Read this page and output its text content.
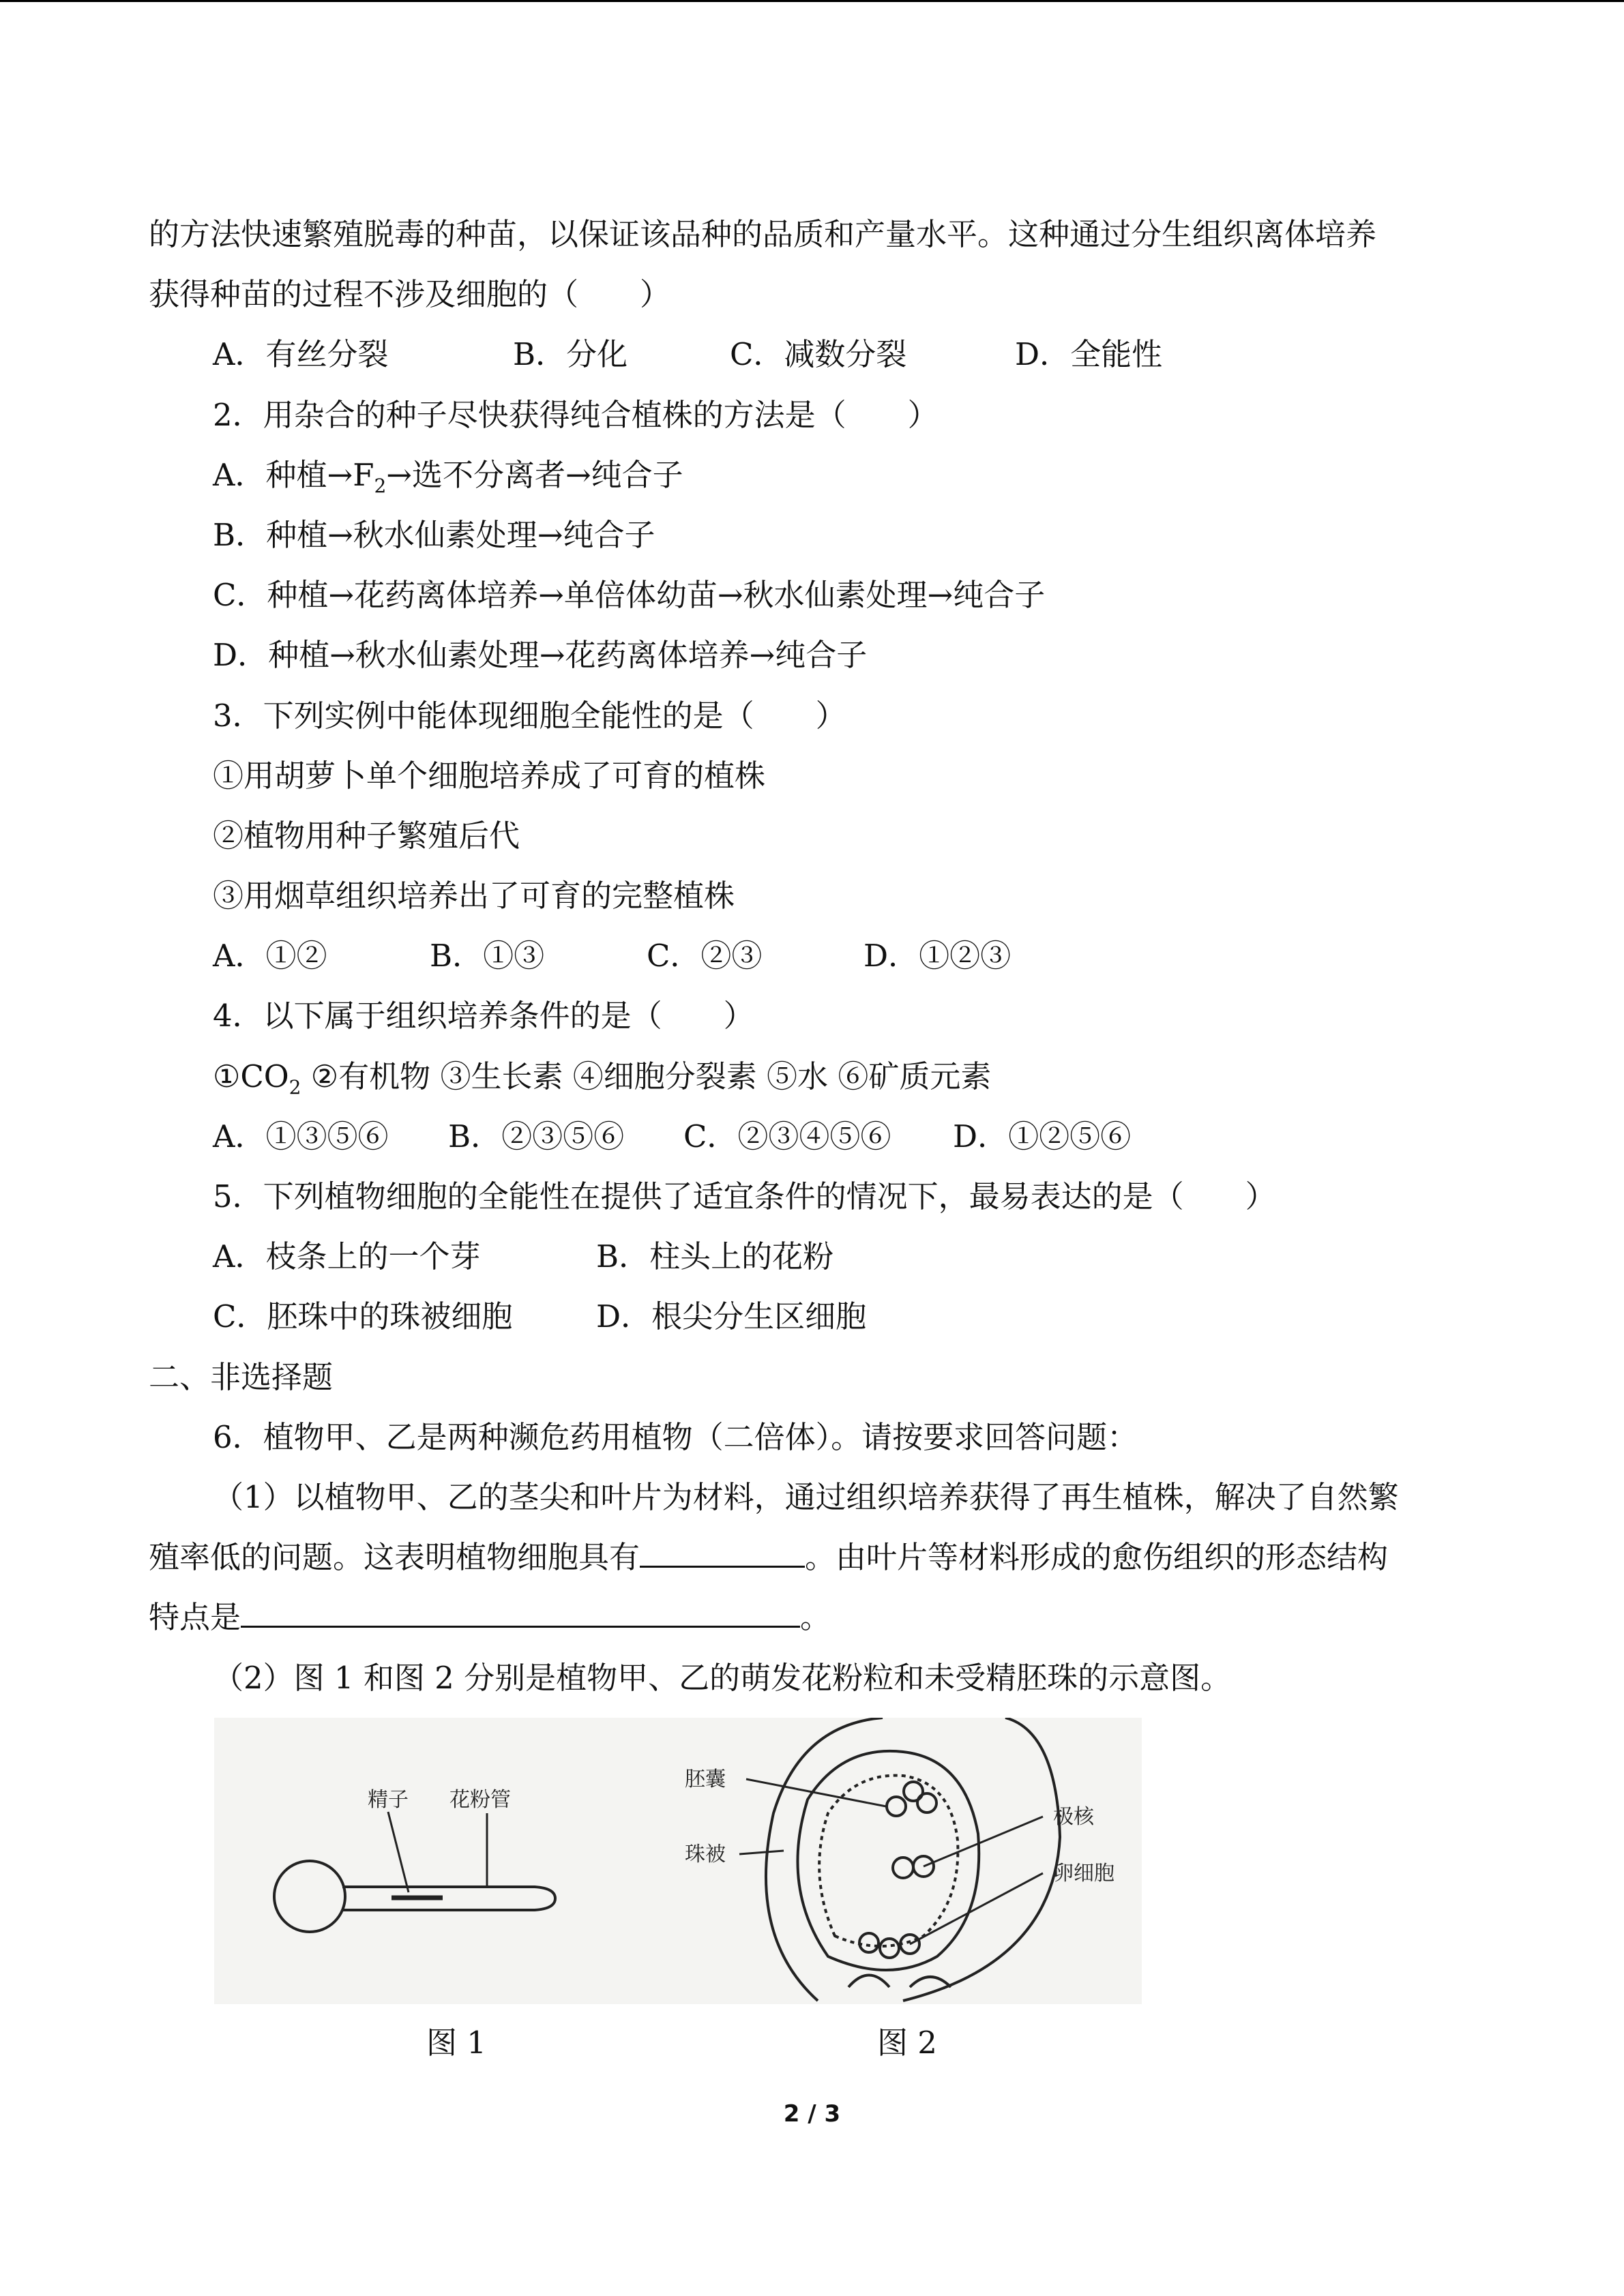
的方法快速繁殖脱毒的种苗，以保证该品种的品质和产量水平。这种通过分生组织离体培养
获得种苗的过程不涉及细胞的（　　）
A．有丝分裂	B．分化	C．减数分裂	D．全能性
2．用杂合的种子尽快获得纯合植株的方法是（　　）
A．种植$\to F_2\to$选不分离者→纯合子
B．种植→秋水仙素处理→纯合子
C．种植→花药离体培养→单倍体幼苗→秋水仙素处理→纯合子
D．种植→秋水仙素处理→花药离体培养→纯合子
3．下列实例中能体现细胞全能性的是（　　）
①用胡萝卜单个细胞培养成了可育的植株
②植物用种子繁殖后代
③用烟草组织培养出了可育的完整植株
A．①②	B．①③	C．②③	D．①②③
4．以下属于组织培养条件的是（　　）
$①CO_2$ ②有机物 ③生长素 ④细胞分裂素 ⑤水 ⑥矿质元素
A．①③⑤⑥ B．②③⑤⑥ C．②③④⑤⑥ D．①②⑤⑥
5．下列植物细胞的全能性在提供了适宜条件的情况下，最易表达的是（　　）
A．枝条上的一个芽	B．柱头上的花粉
C．胚珠中的珠被细胞	D．根尖分生区细胞
二、非选择题
6．植物甲、乙是两种濒危药用植物（二倍体）。请按要求回答问题：
（1）以植物甲、乙的茎尖和叶片为材料，通过组织培养获得了再生植株，解决了自然繁
殖率低的问题。这表明植物细胞具有	。由叶片等材料形成的愈伤组织的形态结构
特点是	。
（2）图 1 和图 2 分别是植物甲、乙的萌发花粉粒和未受精胚珠的示意图。
精子 花粉管
胚囊
珠被
极核
卵细胞
图 1	图 2
2 / 3
